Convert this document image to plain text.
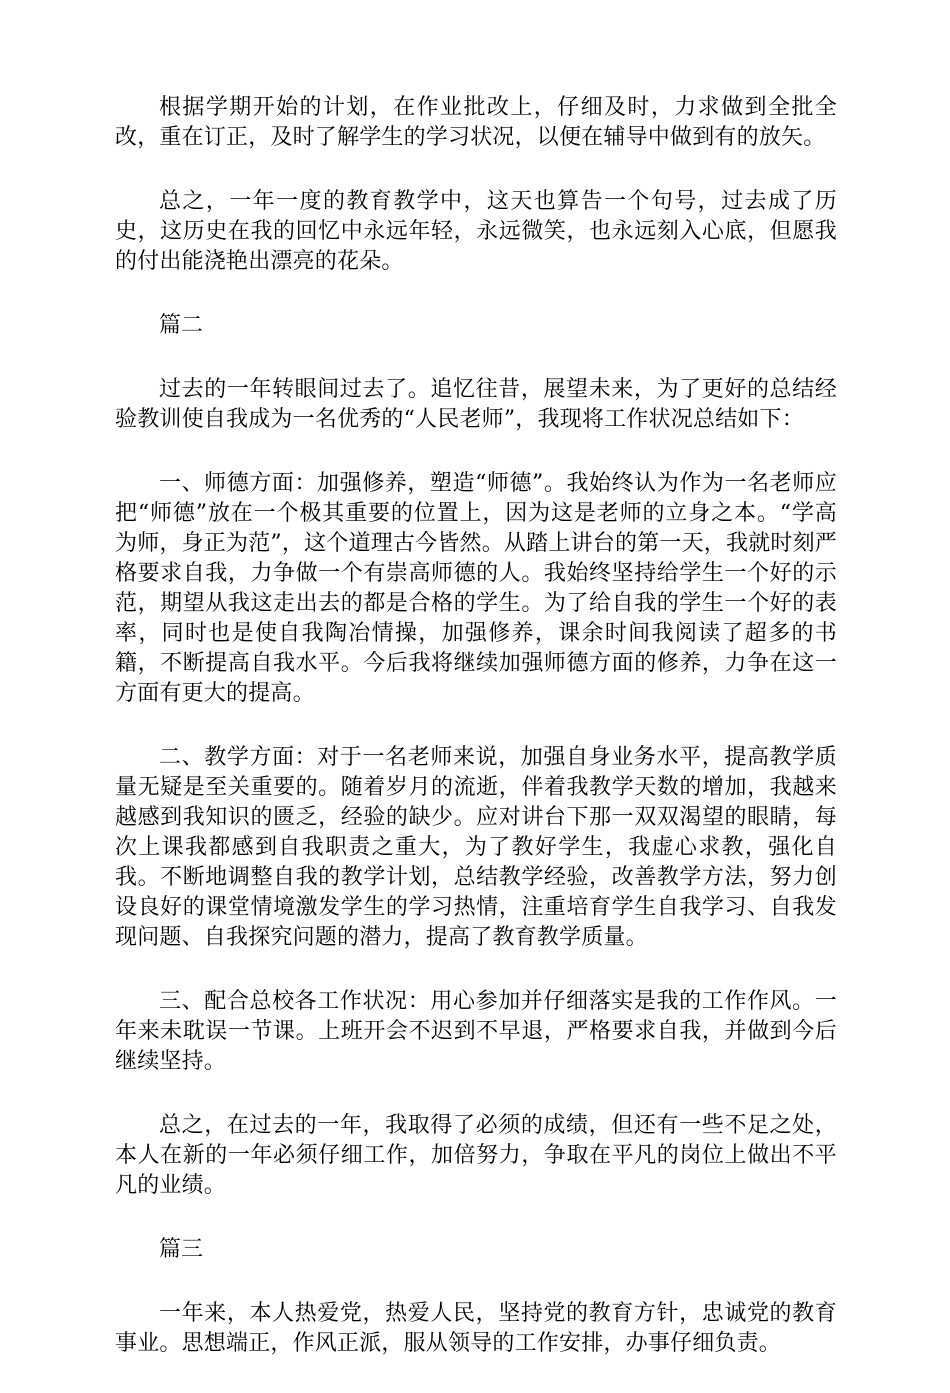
根据学期开始的计划，在作业批改上，仔细及时，力求做到全批全改，重在订正，及时了解学生的学习状况，以便在辅导中做到有的放矢。

总之，一年一度的教育教学中，这天也算告一个句号，过去成了历史，这历史在我的回忆中永远年轻，永远微笑，也永远刻入心底，但愿我的付出能浇艳出漂亮的花朵。

篇二

过去的一年转眼间过去了。追忆往昔，展望未来，为了更好的总结经验教训使自我成为一名优秀的“人民老师”，我现将工作状况总结如下：

一、师德方面：加强修养，塑造“师德”。我始终认为作为一名老师应把“师德”放在一个极其重要的位置上，因为这是老师的立身之本。“学高为师，身正为范”，这个道理古今皆然。从踏上讲台的第一天，我就时刻严格要求自我，力争做一个有崇高师德的人。我始终坚持给学生一个好的示范，期望从我这走出去的都是合格的学生。为了给自我的学生一个好的表率，同时也是使自我陶冶情操，加强修养，课余时间我阅读了超多的书籍，不断提高自我水平。今后我将继续加强师德方面的修养，力争在这一方面有更大的提高。

二、教学方面：对于一名老师来说，加强自身业务水平，提高教学质量无疑是至关重要的。随着岁月的流逝，伴着我教学天数的增加，我越来越感到我知识的匮乏，经验的缺少。应对讲台下那一双双渴望的眼睛，每次上课我都感到自我职责之重大，为了教好学生，我虚心求教，强化自我。不断地调整自我的教学计划，总结教学经验，改善教学方法，努力创设良好的课堂情境激发学生的学习热情，注重培育学生自我学习、自我发现问题、自我探究问题的潜力，提高了教育教学质量。

三、配合总校各工作状况：用心参加并仔细落实是我的工作作风。一年来未耽误一节课。上班开会不迟到不早退，严格要求自我，并做到今后继续坚持。

总之，在过去的一年，我取得了必须的成绩，但还有一些不足之处，本人在新的一年必须仔细工作，加倍努力，争取在平凡的岗位上做出不平凡的业绩。

篇三

一年来，本人热爱党，热爱人民，坚持党的教育方针，忠诚党的教育事业。思想端正，作风正派，服从领导的工作安排，办事仔细负责。
